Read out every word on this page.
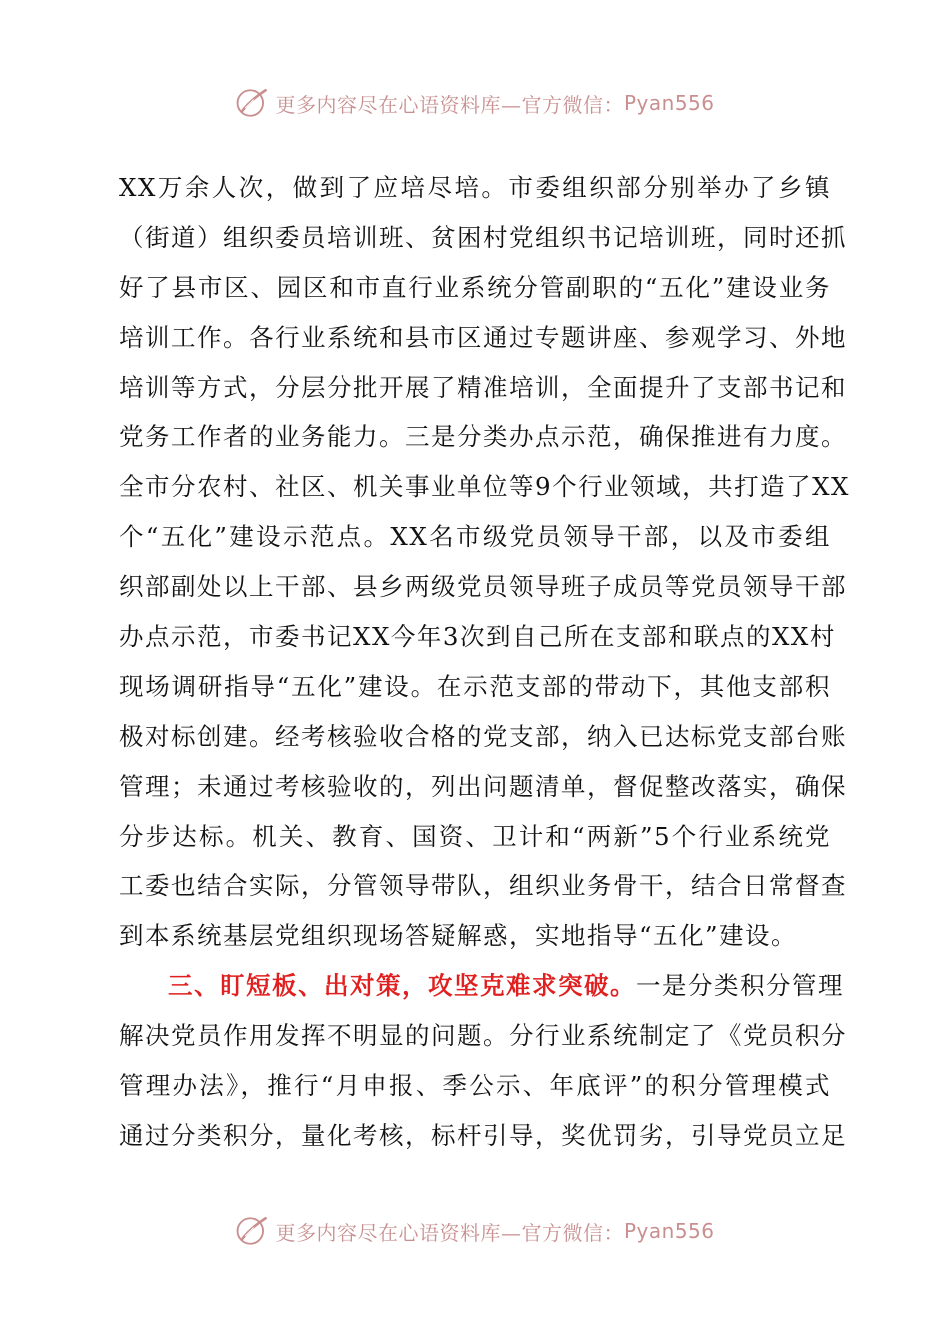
更多内容尽在心语资料库—官方微信： Pyan556
XX万余人次，做到了应培尽培。市委组织部分别举办了乡镇
（街道）组织委员培训班、贫困村党组织书记培训班，同时还抓
好了县市区、园区和市直行业系统分管副职的“五化”建设业务
培训工作。各行业系统和县市区通过专题讲座、参观学习、外地
培训等方式，分层分批开展了精准培训，全面提升了支部书记和
党务工作者的业务能力。三是分类办点示范，确保推进有力度。
全市分农村、社区、机关事业单位等9个行业领域，共打造了XX
个“五化”建设示范点。XX名市级党员领导干部，以及市委组
织部副处以上干部、县乡两级党员领导班子成员等党员领导干部
办点示范，市委书记XX今年3次到自己所在支部和联点的XX村
现场调研指导“五化”建设。在示范支部的带动下，其他支部积
极对标创建。经考核验收合格的党支部，纳入已达标党支部台账
管理；未通过考核验收的，列出问题清单，督促整改落实，确保
分步达标。机关、教育、国资、卫计和“两新”5个行业系统党
工委也结合实际，分管领导带队，组织业务骨干，结合日常督查
到本系统基层党组织现场答疑解惑，实地指导“五化”建设。
三、盯短板、出对策，攻坚克难求突破。一是分类积分管理
解决党员作用发挥不明显的问题。分行业系统制定了《党员积分
管理办法》，推行“月申报、季公示、年底评”的积分管理模式
通过分类积分，量化考核，标杆引导，奖优罚劣，引导党员立足
更多内容尽在心语资料库—官方微信： Pyan556
